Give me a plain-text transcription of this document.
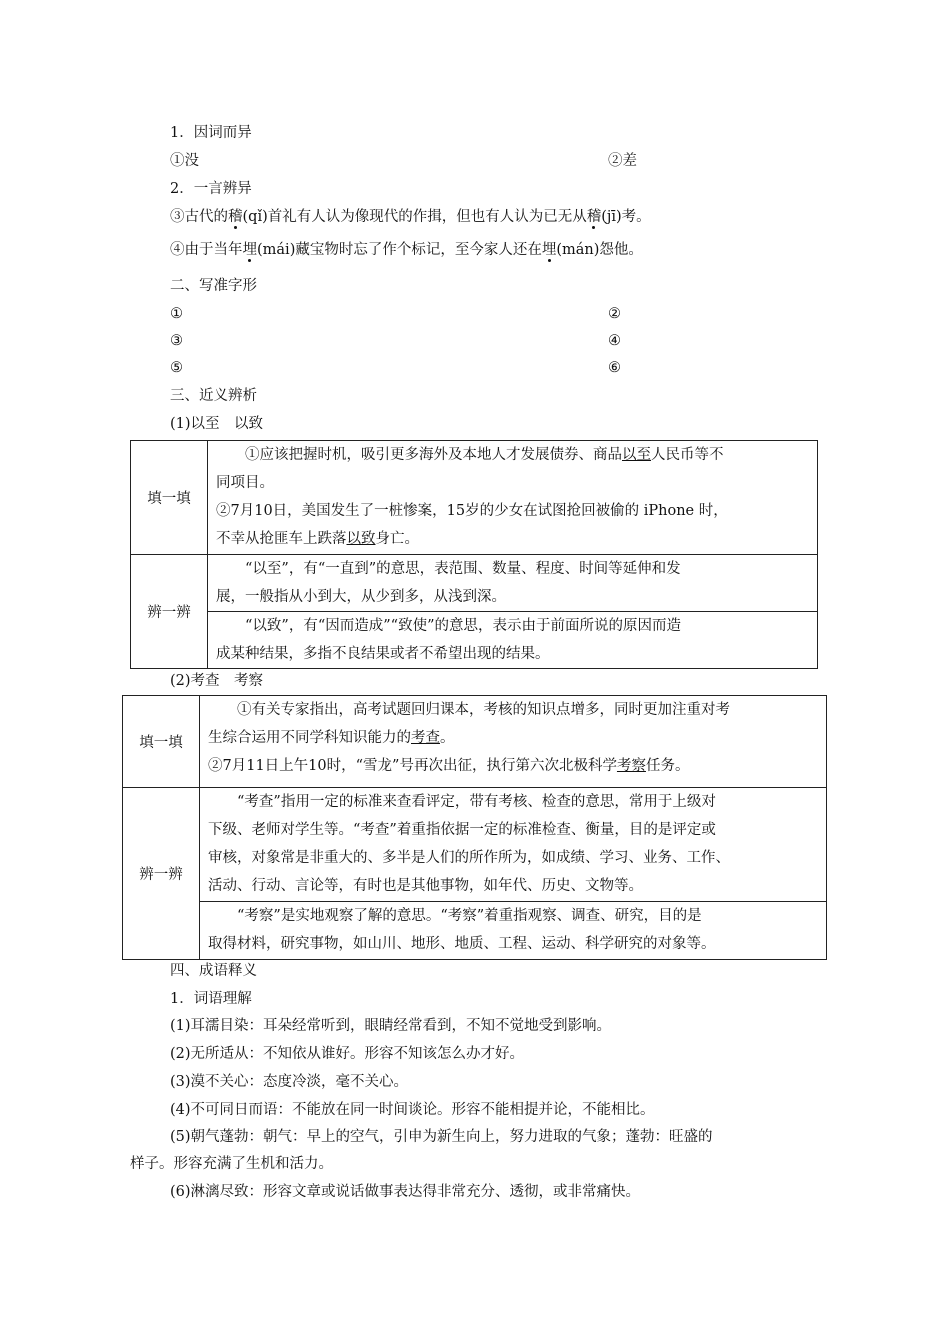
1．因词而异
①没	②差
2．一言辨异
③古代的稽(qǐ)首礼有人认为像现代的作揖，但也有人认为已无从稽(jī)考。
④由于当年埋(mái)藏宝物时忘了作个标记，至今家人还在埋(mán)怨他。
二、写准字形
①	②
③	④
⑤	⑥
三、近义辨析
(1)以至　以致
填一填	　　①应该把握时机，吸引更多海外及本地人才发展债券、商品以至人民币等不
同项目。
②7月10日，美国发生了一桩惨案，15岁的少女在试图抢回被偷的 iPhone 时，
不幸从抢匪车上跌落以致身亡。

辨一辨	　　“以至”，有“一直到”的意思，表范围、数量、程度、时间等延伸和发
展，一般指从小到大，从少到多，从浅到深。

	　　“以致”，有“因而造成”“致使”的意思，表示由于前面所说的原因而造
成某种结果，多指不良结果或者不希望出现的结果。
(2)考查　考察
填一填	　　①有关专家指出，高考试题回归课本，考核的知识点增多，同时更加注重对考
生综合运用不同学科知识能力的考查。
②7月11日上午10时，“雪龙”号再次出征，执行第六次北极科学考察任务。

辨一辨	　　“考查”指用一定的标准来查看评定，带有考核、检查的意思，常用于上级对
下级、老师对学生等。“考查”着重指依据一定的标准检查、衡量，目的是评定或
审核，对象常是非重大的、多半是人们的所作所为，如成绩、学习、业务、工作、
活动、行动、言论等，有时也是其他事物，如年代、历史、文物等。

	　　“考察”是实地观察了解的意思。“考察”着重指观察、调查、研究，目的是
取得材料，研究事物，如山川、地形、地质、工程、运动、科学研究的对象等。
四、成语释义
1．词语理解
(1)耳濡目染：耳朵经常听到，眼睛经常看到，不知不觉地受到影响。
(2)无所适从：不知依从谁好。形容不知该怎么办才好。
(3)漠不关心：态度冷淡，毫不关心。
(4)不可同日而语：不能放在同一时间谈论。形容不能相提并论，不能相比。
(5)朝气蓬勃：朝气：早上的空气，引申为新生向上，努力进取的气象；蓬勃：旺盛的
样子。形容充满了生机和活力。
(6)淋漓尽致：形容文章或说话做事表达得非常充分、透彻，或非常痛快。
